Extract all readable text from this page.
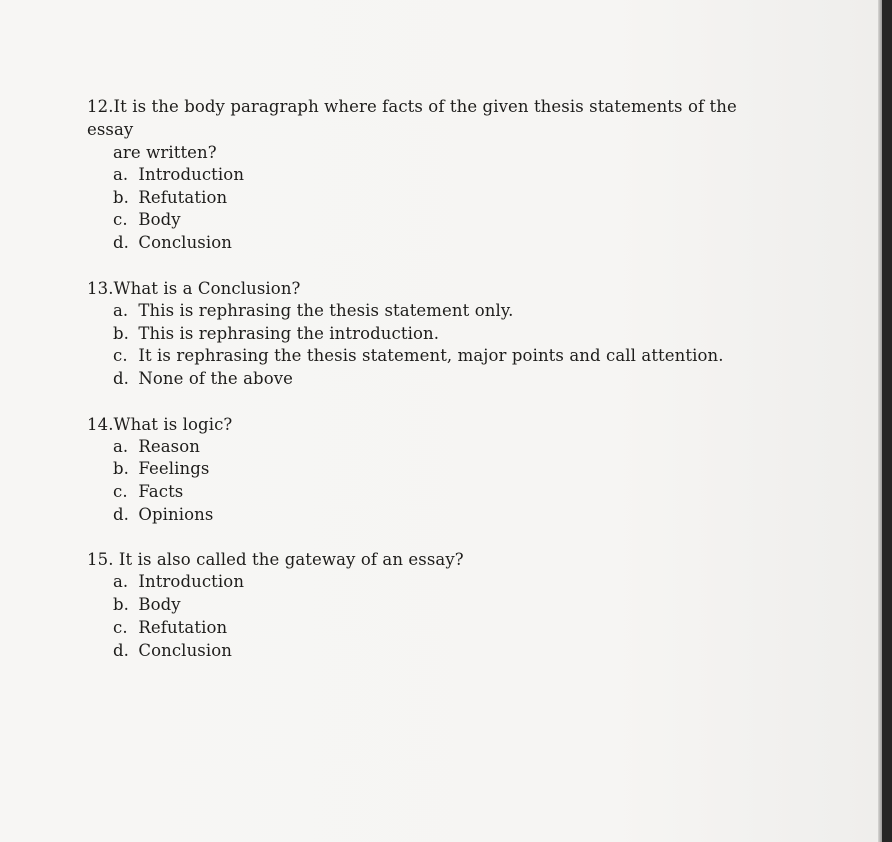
12.It is the body paragraph where facts of the given thesis statements of the essay
are written?
a. Introduction
b. Refutation
c. Body
d. Conclusion
13.What is a Conclusion?
a. This is rephrasing the thesis statement only.
b. This is rephrasing the introduction.
c. It is rephrasing the thesis statement, major points and call attention.
d. None of the above
14.What is logic?
a. Reason
b. Feelings
c. Facts
d. Opinions
15. It is also called the gateway of an essay?
a. Introduction
b. Body
c. Refutation
d. Conclusion
